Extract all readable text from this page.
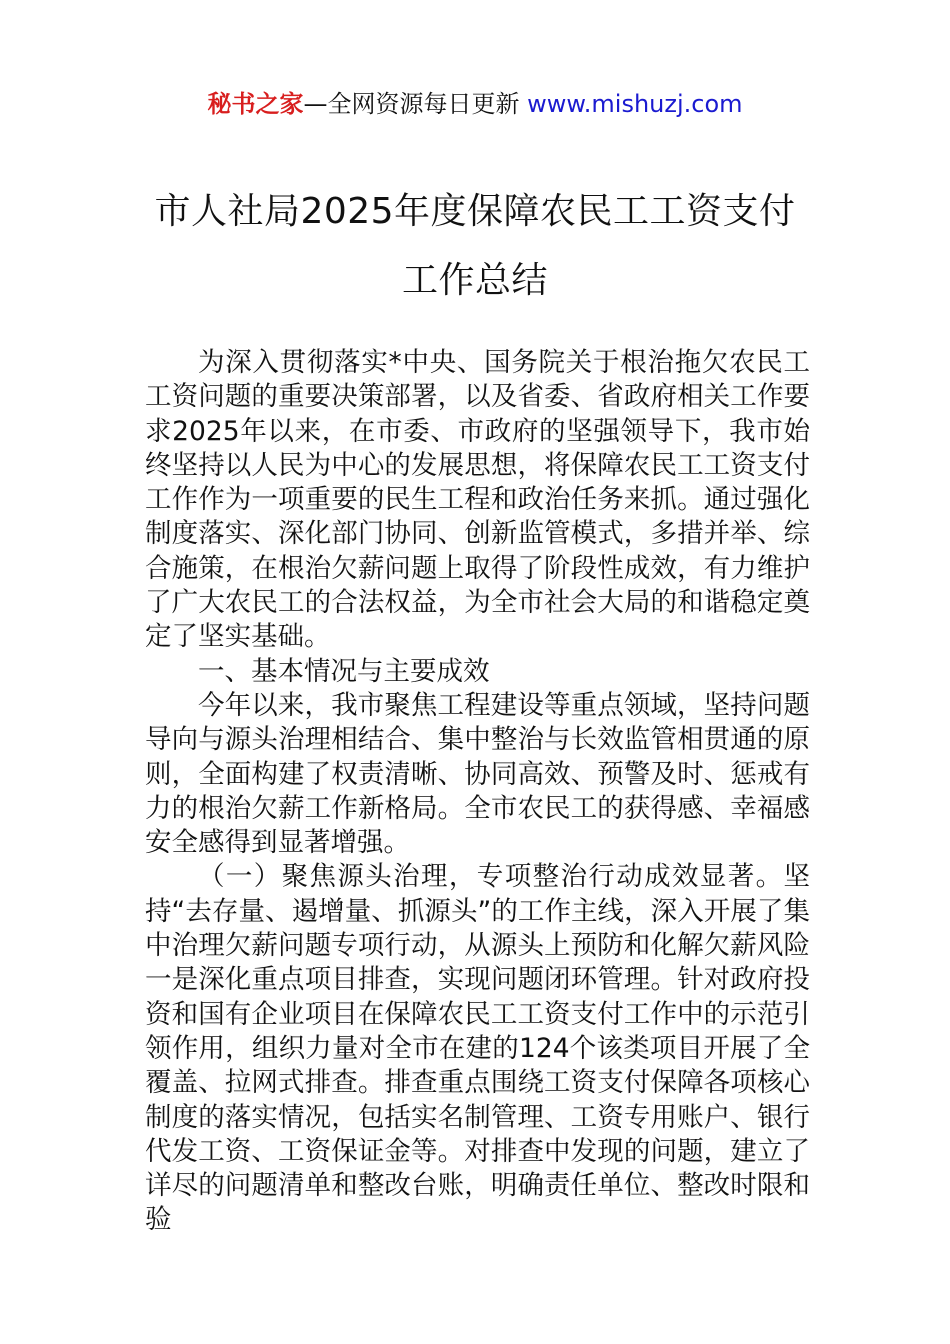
秘书之家—全网资源每日更新 www.mishuzj.com
市人社局2025年度保障农民工工资支付
工作总结

为深入贯彻落实*中央、国务院关于根治拖欠农民工工资问题的重要决策部署，以及省委、省政府相关工作要求2025年以来，在市委、市政府的坚强领导下，我市始终坚持以人民为中心的发展思想，将保障农民工工资支付工作作为一项重要的民生工程和政治任务来抓。通过强化制度落实、深化部门协同、创新监管模式，多措并举、综合施策，在根治欠薪问题上取得了阶段性成效，有力维护了广大农民工的合法权益，为全市社会大局的和谐稳定奠定了坚实基础。

一、基本情况与主要成效

今年以来，我市聚焦工程建设等重点领域，坚持问题导向与源头治理相结合、集中整治与长效监管相贯通的原则，全面构建了权责清晰、协同高效、预警及时、惩戒有力的根治欠薪工作新格局。全市农民工的获得感、幸福感安全感得到显著增强。

（一）聚焦源头治理，专项整治行动成效显著。坚持“去存量、遏增量、抓源头”的工作主线，深入开展了集中治理欠薪问题专项行动，从源头上预防和化解欠薪风险一是深化重点项目排查，实现问题闭环管理。针对政府投资和国有企业项目在保障农民工工资支付工作中的示范引领作用，组织力量对全市在建的124个该类项目开展了全覆盖、拉网式排查。排查重点围绕工资支付保障各项核心制度的落实情况，包括实名制管理、工资专用账户、银行代发工资、工资保证金等。对排查中发现的问题，建立了详尽的问题清单和整改台账，明确责任单位、整改时限和验
